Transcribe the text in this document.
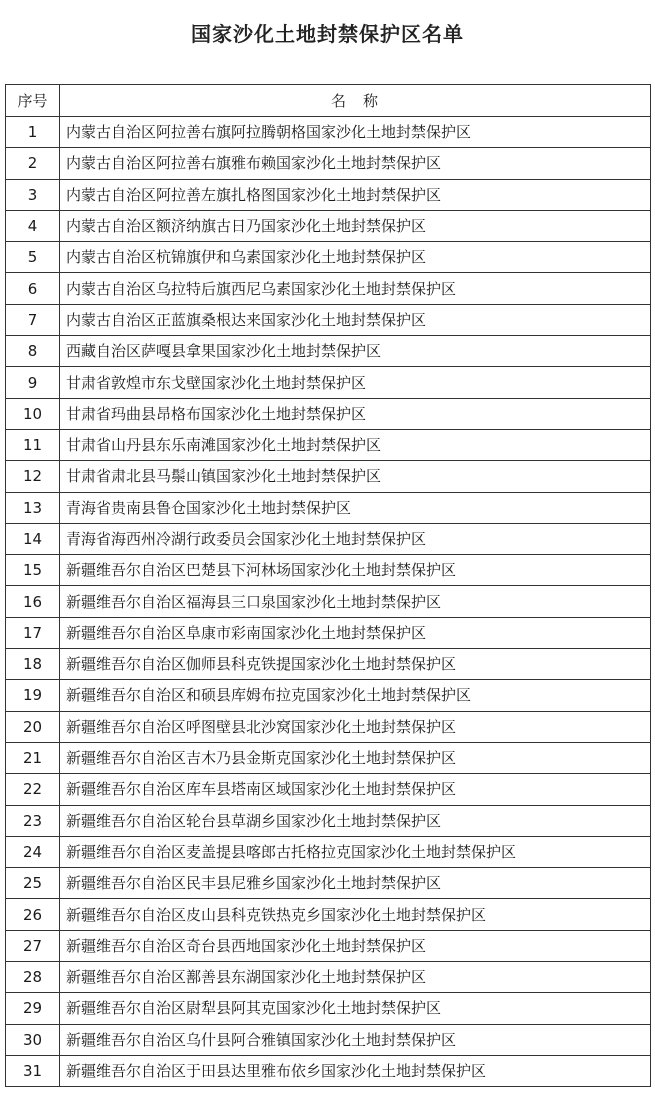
国家沙化土地封禁保护区名单
序号	名　称
1	内蒙古自治区阿拉善右旗阿拉腾朝格国家沙化土地封禁保护区
2	内蒙古自治区阿拉善右旗雅布赖国家沙化土地封禁保护区
3	内蒙古自治区阿拉善左旗扎格图国家沙化土地封禁保护区
4	内蒙古自治区额济纳旗古日乃国家沙化土地封禁保护区
5	内蒙古自治区杭锦旗伊和乌素国家沙化土地封禁保护区
6	内蒙古自治区乌拉特后旗西尼乌素国家沙化土地封禁保护区
7	内蒙古自治区正蓝旗桑根达来国家沙化土地封禁保护区
8	西藏自治区萨嘎县拿果国家沙化土地封禁保护区
9	甘肃省敦煌市东戈壁国家沙化土地封禁保护区
10	甘肃省玛曲县昂格布国家沙化土地封禁保护区
11	甘肃省山丹县东乐南滩国家沙化土地封禁保护区
12	甘肃省肃北县马鬃山镇国家沙化土地封禁保护区
13	青海省贵南县鲁仓国家沙化土地封禁保护区
14	青海省海西州冷湖行政委员会国家沙化土地封禁保护区
15	新疆维吾尔自治区巴楚县下河林场国家沙化土地封禁保护区
16	新疆维吾尔自治区福海县三口泉国家沙化土地封禁保护区
17	新疆维吾尔自治区阜康市彩南国家沙化土地封禁保护区
18	新疆维吾尔自治区伽师县科克铁提国家沙化土地封禁保护区
19	新疆维吾尔自治区和硕县库姆布拉克国家沙化土地封禁保护区
20	新疆维吾尔自治区呼图壁县北沙窝国家沙化土地封禁保护区
21	新疆维吾尔自治区吉木乃县金斯克国家沙化土地封禁保护区
22	新疆维吾尔自治区库车县塔南区域国家沙化土地封禁保护区
23	新疆维吾尔自治区轮台县草湖乡国家沙化土地封禁保护区
24	新疆维吾尔自治区麦盖提县喀郎古托格拉克国家沙化土地封禁保护区
25	新疆维吾尔自治区民丰县尼雅乡国家沙化土地封禁保护区
26	新疆维吾尔自治区皮山县科克铁热克乡国家沙化土地封禁保护区
27	新疆维吾尔自治区奇台县西地国家沙化土地封禁保护区
28	新疆维吾尔自治区鄯善县东湖国家沙化土地封禁保护区
29	新疆维吾尔自治区尉犁县阿其克国家沙化土地封禁保护区
30	新疆维吾尔自治区乌什县阿合雅镇国家沙化土地封禁保护区
31	新疆维吾尔自治区于田县达里雅布依乡国家沙化土地封禁保护区
